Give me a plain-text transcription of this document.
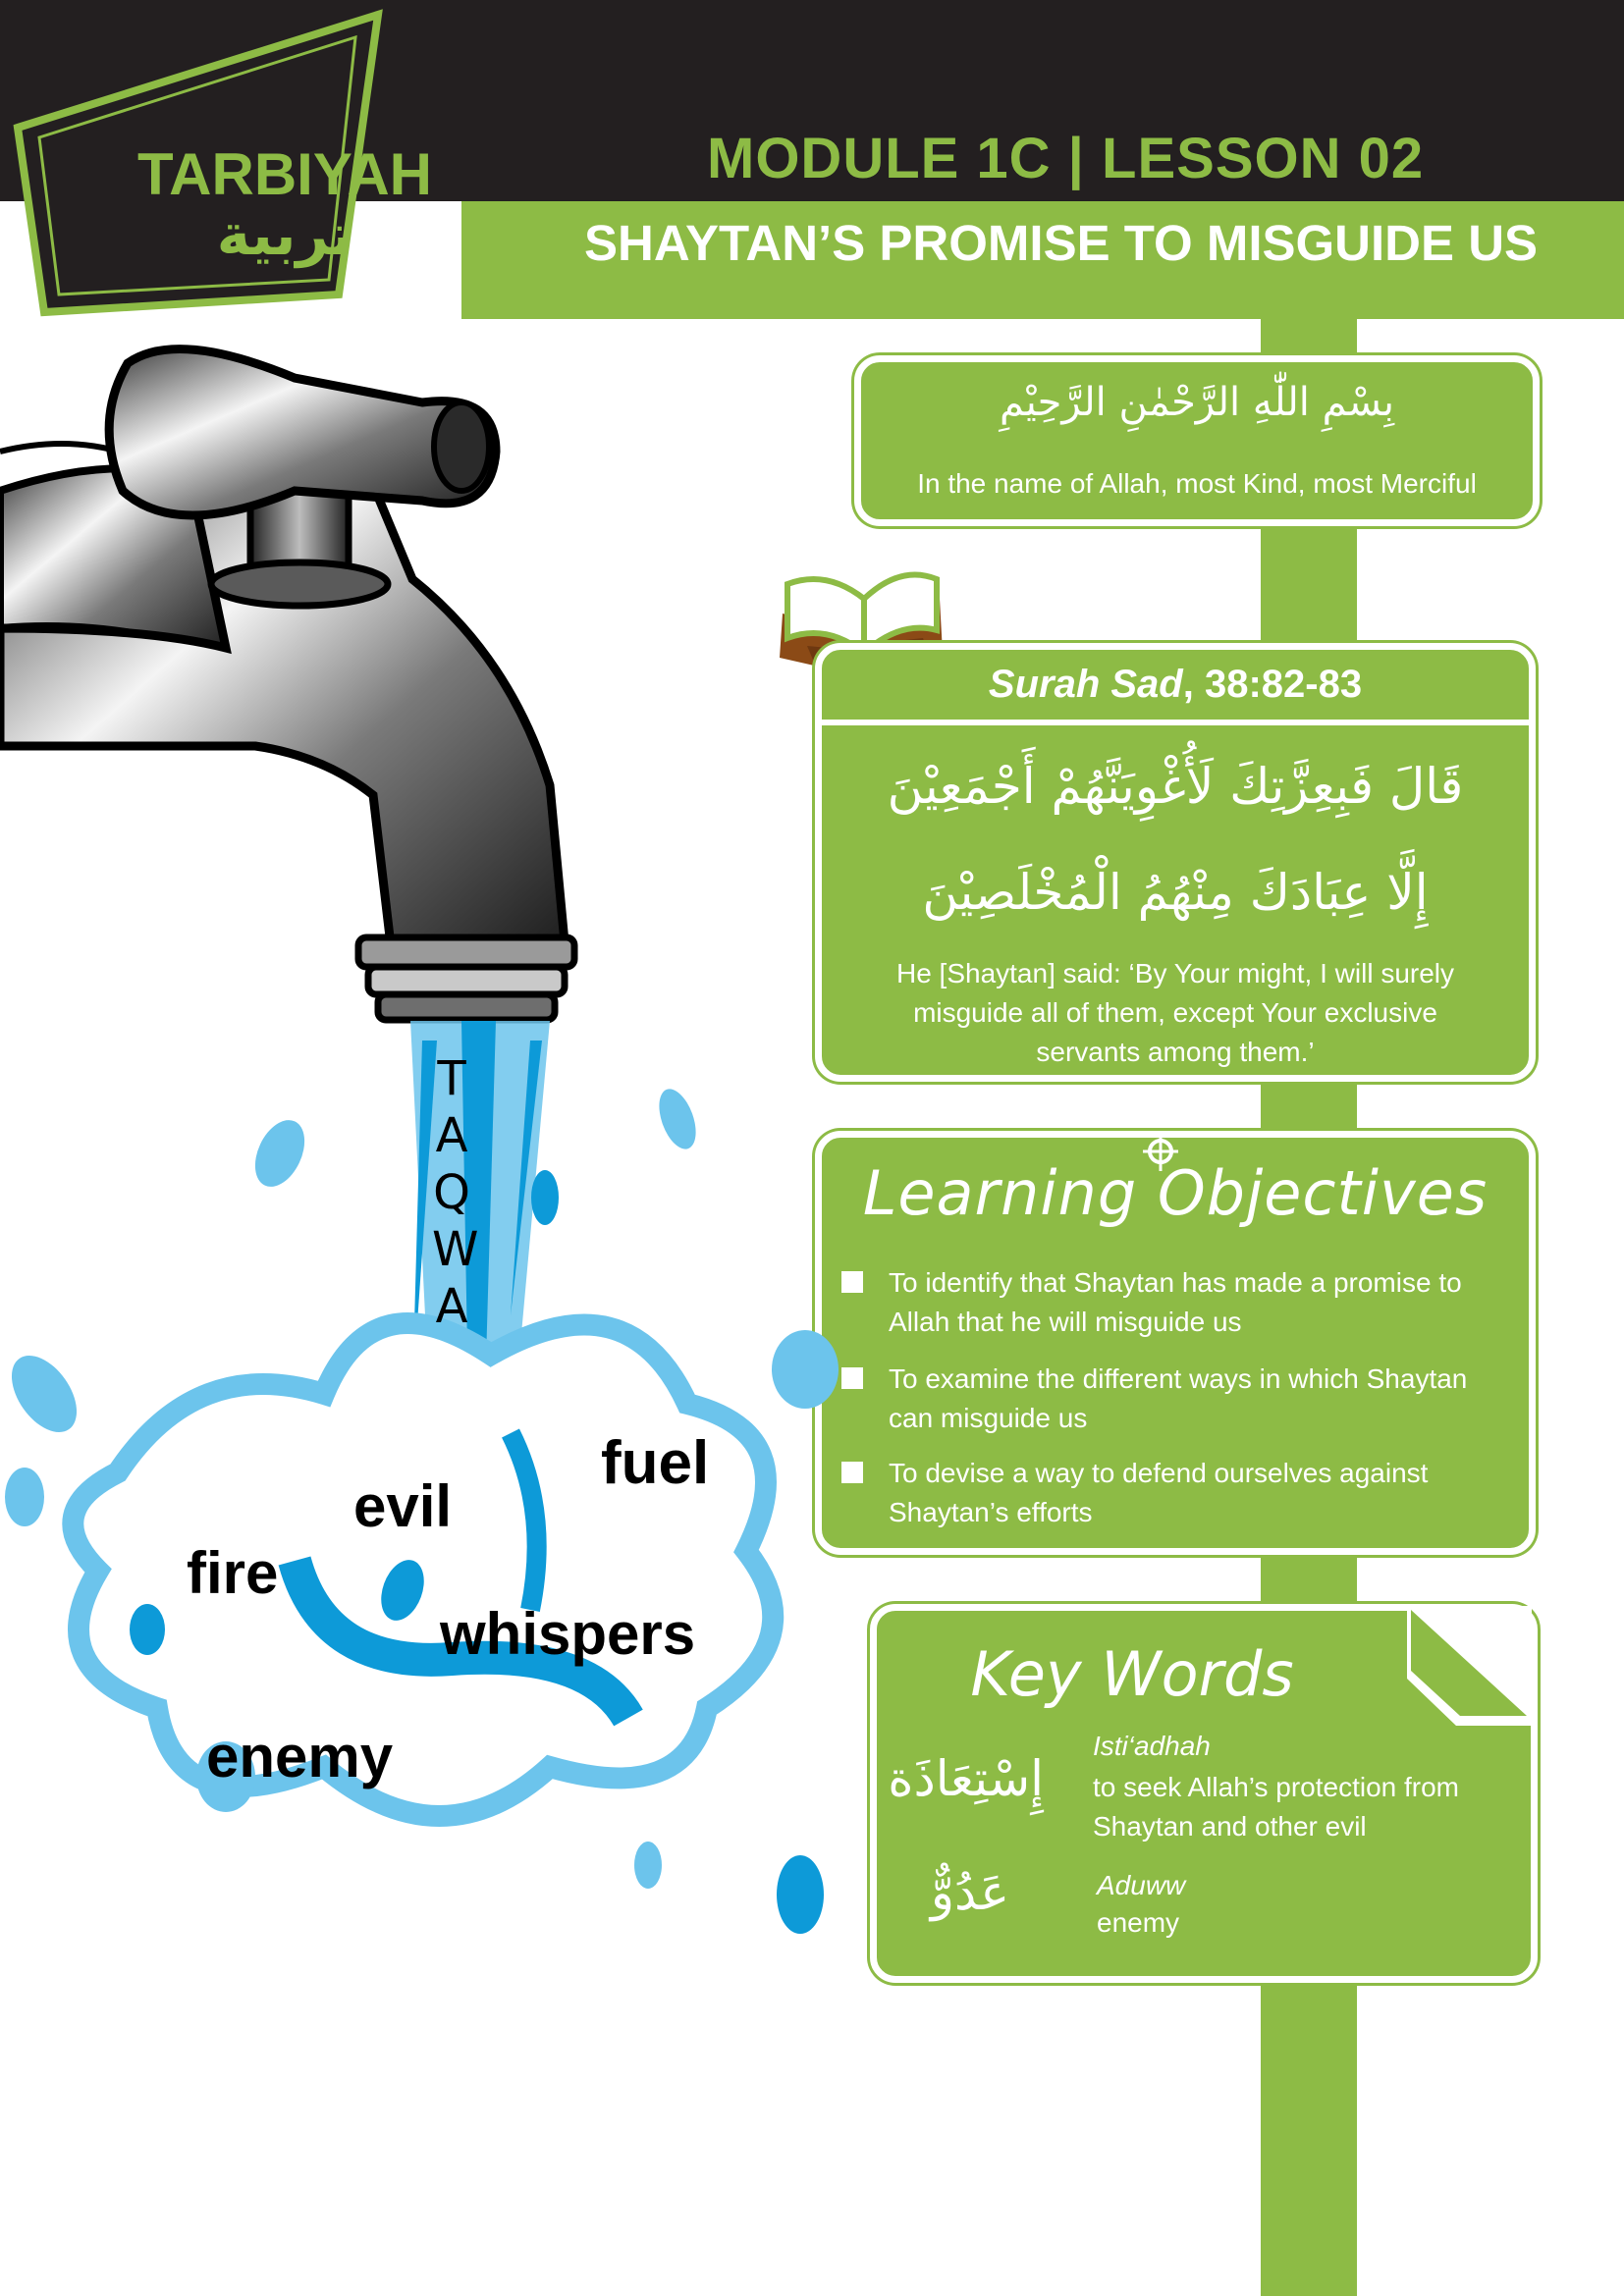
TARBIYAH
تربية
MODULE 1C | LESSON 02
SHAYTAN’S PROMISE TO MISGUIDE US
بِسْمِ اللّٰهِ الرَّحْمٰنِ الرَّحِيْمِ
In the name of Allah, most Kind, most Merciful
Surah Sad, 38:82-83
قَالَ فَبِعِزَّتِكَ لَأُغْوِيَنَّهُمْ أَجْمَعِيْنَ
إِلَّا عِبَادَكَ مِنْهُمُ الْمُخْلَصِيْنَ
He [Shaytan] said: ‘By Your might, I will surely misguide all of them, except Your exclusive servants among them.’
Learning Objectives
To identify that Shaytan has made a promise to Allah that he will misguide us
To examine the different ways in which Shaytan can misguide us
To devise a way to defend ourselves against Shaytan’s efforts
Key Words
إِسْتِعَاذَة
Isti‘adhah
to seek Allah’s protection from Shaytan and other evil
عَدُوٌّ	Aduww
enemy
T
A
Q
W
A
fuel
evil
fire
whispers
enemy
